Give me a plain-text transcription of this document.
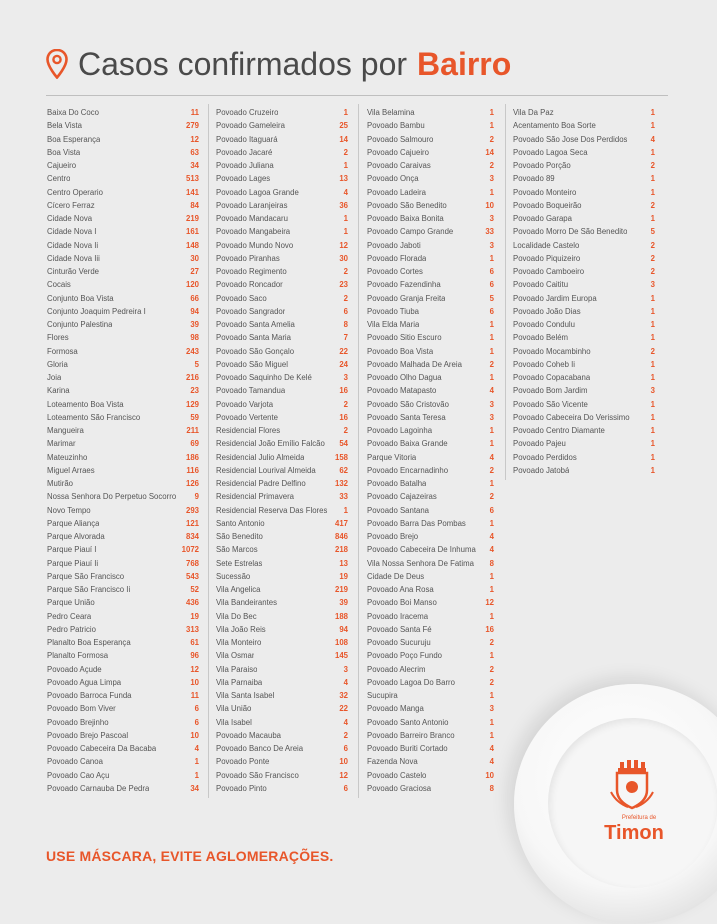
Casos confirmados por Bairro
Baixa Do Coco	11
Bela Vista	279
Boa Esperança	12
Boa Vista	63
Cajueiro	34
Centro	513
Centro Operario	141
Cícero Ferraz	84
Cidade Nova	219
Cidade Nova I	161
Cidade Nova Ii	148
Cidade Nova Iii	30
Cinturão Verde	27
Cocais	120
Conjunto Boa Vista	66
Conjunto Joaquim Pedreira I	94
Conjunto Palestina	39
Flores	98
Formosa	243
Gloria	5
Joia	216
Karina	23
Loteamento Boa Vista	129
Loteamento São Francisco	59
Mangueira	211
Marimar	69
Mateuzinho	186
Miguel Arraes	116
Mutirão	126
Nossa Senhora Do Perpetuo Socorro 9
Novo Tempo	293
Parque Aliança	121
Parque Alvorada	834
Parque Piauí I	1072
Parque Piauí Ii	768
Parque São Francisco	543
Parque São Francisco Ii	52
Parque União	436
Pedro Ceara	19
Pedro Patricio	313
Planalto Boa Esperança	61
Planalto Formosa	96
Povoado Açude	12
Povoado Agua Limpa	10
Povoado Barroca Funda	11
Povoado Bom Viver	6
Povoado Brejinho	6
Povoado Brejo Pascoal	10
Povoado Cabeceira Da Bacaba	4
Povoado Canoa	1
Povoado Cao Açu	1
Povoado Carnauba De Pedra	34
Povoado Cruzeiro	1
Povoado Gameleira	25
Povoado Itaguará	14
Povoado Jacaré	2
Povoado Juliana	1
Povoado Lages	13
Povoado Lagoa Grande	4
Povoado Laranjeiras	36
Povoado Mandacaru	1
Povoado Mangabeira	1
Povoado Mundo Novo	12
Povoado Piranhas	30
Povoado Regimento	2
Povoado Roncador	23
Povoado Saco	2
Povoado Sangrador	6
Povoado Santa Amelia	8
Povoado Santa Maria	7
Povoado São Gonçalo	22
Povoado São Miguel	24
Povoado Saquinho De Kelé	3
Povoado Tamandua	16
Povoado Varjota	2
Povoado Vertente	16
Residencial Flores	2
Residencial João Emílio Falcão 54
Residencial Julio Almeida	158
Residencial Lourival Almeida	62
Residencial Padre Delfino	132
Residencial Primavera	33
Residencial Reserva Das Flores 1
Santo Antonio	417
São Benedito	846
São Marcos	218
Sete Estrelas	13
Sucessão	19
Vila Angelica	219
Vila Bandeirantes	39
Vila Do Bec	188
Vila João Reis	94
Vila Monteiro	108
Vila Osmar	145
Vila Paraiso	3
Vila Parnaiba	4
Vila Santa Isabel	32
Vila União	22
Vila Isabel	4
Povoado Macauba	2
Povoado Banco De Areia	6
Povoado Ponte	10
Povoado São Francisco	12
Povoado Pinto	6
Vila Belamina	1
Povoado Bambu	1
Povoado Salmouro	2
Povoado Cajueiro	14
Povoado Caraivas	2
Povoado Onça	3
Povoado Ladeira	1
Povoado São Benedito	10
Povoado Baixa Bonita	3
Povoado Campo Grande	33
Povoado Jaboti	3
Povoado Florada	1
Povoado Cortes	6
Povoado Fazendinha	6
Povoado Granja Freita	5
Povoado Tiuba	6
Vila Elda Maria	1
Povoado Sitio Escuro	1
Povoado Boa Vista	1
Povoado Malhada De Areia	2
Povoado Olho Dagua	1
Povoado Matapasto	4
Povoado São Cristovão	3
Povoado Santa Teresa	3
Povoado Lagoinha	1
Povoado Baixa Grande	1
Parque Vitoria	4
Povoado Encarnadinho	2
Povoado Batalha	1
Povoado Cajazeiras	2
Povoado Santana	6
Povoado Barra Das Pombas	1
Povoado Brejo	4
Povoado Cabeceira De Inhuma 4
Vila Nossa Senhora De Fatima 8
Cidade De Deus	1
Povoado Ana Rosa	1
Povoado Boi Manso	12
Povoado Iracema	1
Povoado Santa Fé	16
Povoado Sucuruju	2
Povoado Poço Fundo	1
Povoado Alecrim	2
Povoado Lagoa Do Barro	2
Sucupira	1
Povoado Manga	3
Povoado Santo Antonio	1
Povoado Barreiro Branco	1
Povoado Buriti Cortado	4
Fazenda Nova	4
Povoado Castelo	10
Povoado Graciosa	8
Vila Da Paz	1
Acentamento Boa Sorte	1
Povoado São Jose Dos Perdidos	4
Povoado Lagoa Seca	1
Povoado Porção	2
Povoado 89	1
Povoado Monteiro	1
Povoado Boqueirão	2
Povoado Garapa	1
Povoado Morro De São Benedito	5
Localidade Castelo	2
Povoado Piquizeiro	2
Povoado Camboeiro	2
Povoado Caititu	3
Povoado Jardim Europa	1
Povoado João Dias	1
Povoado Condulu	1
Povoado Belém	1
Povoado Mocambinho	2
Povoado Coheb Ii	1
Povoado Copacabana	1
Povoado Bom Jardim	3
Povoado São Vicente	1
Povoado Cabeceira Do Verissimo	1
Povoado Centro Diamante	1
Povoado Pajeu	1
Povoado Perdidos	1
Povoado Jatobá	1
USE MÁSCARA, EVITE AGLOMERAÇÕES.
Prefeitura de
Timon
